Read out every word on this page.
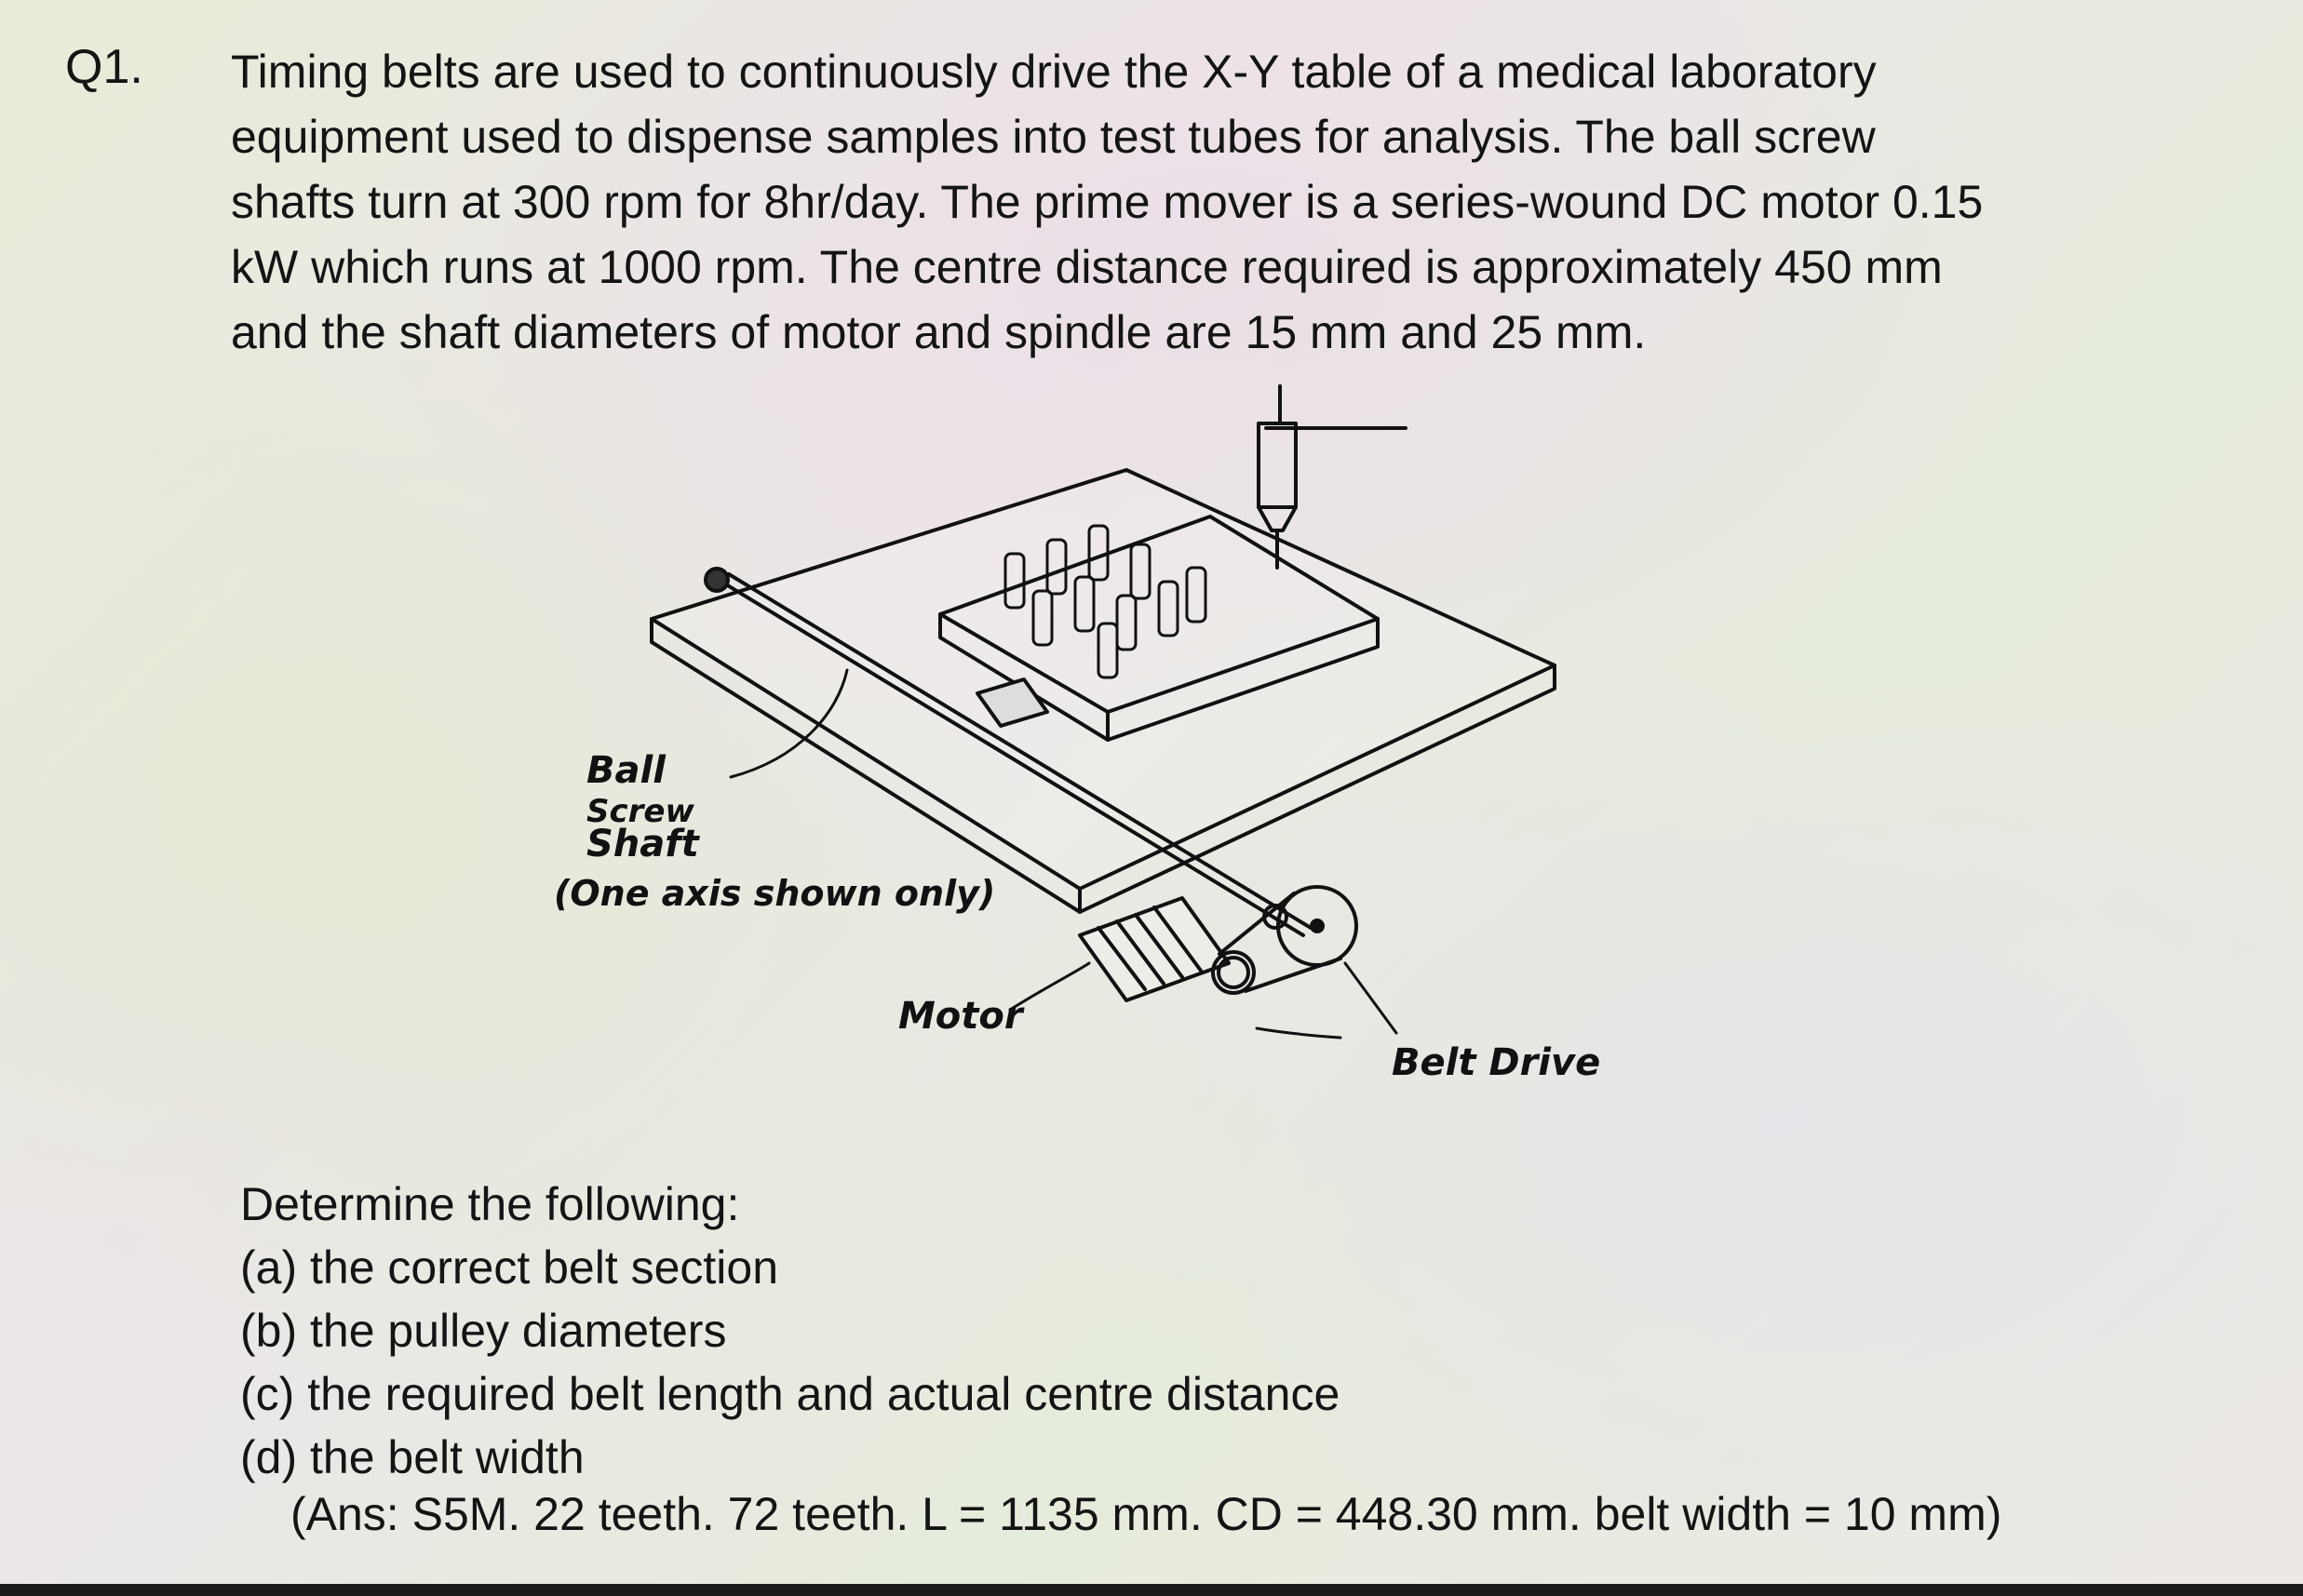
Q1. Timing belts are used to continuously drive the X-Y table of a medical laboratory
equipment used to dispense samples into test tubes for analysis. The ball screw
shafts turn at 300 rpm for 8hr/day. The prime mover is a series-wound DC motor 0.15
kW which runs at 1000 rpm. The centre distance required is approximately 450 mm
and the shaft diameters of motor and spindle are 15 mm and 25 mm.
Ball
Screw
Shaft
(One axis shown only)
Motor
Belt Drive
Determine the following:
(a) the correct belt section
(b) the pulley diameters
(c) the required belt length and actual centre distance
(d) the belt width
(Ans: S5M. 22 teeth. 72 teeth. L = 1135 mm. CD = 448.30 mm. belt width = 10 mm)
